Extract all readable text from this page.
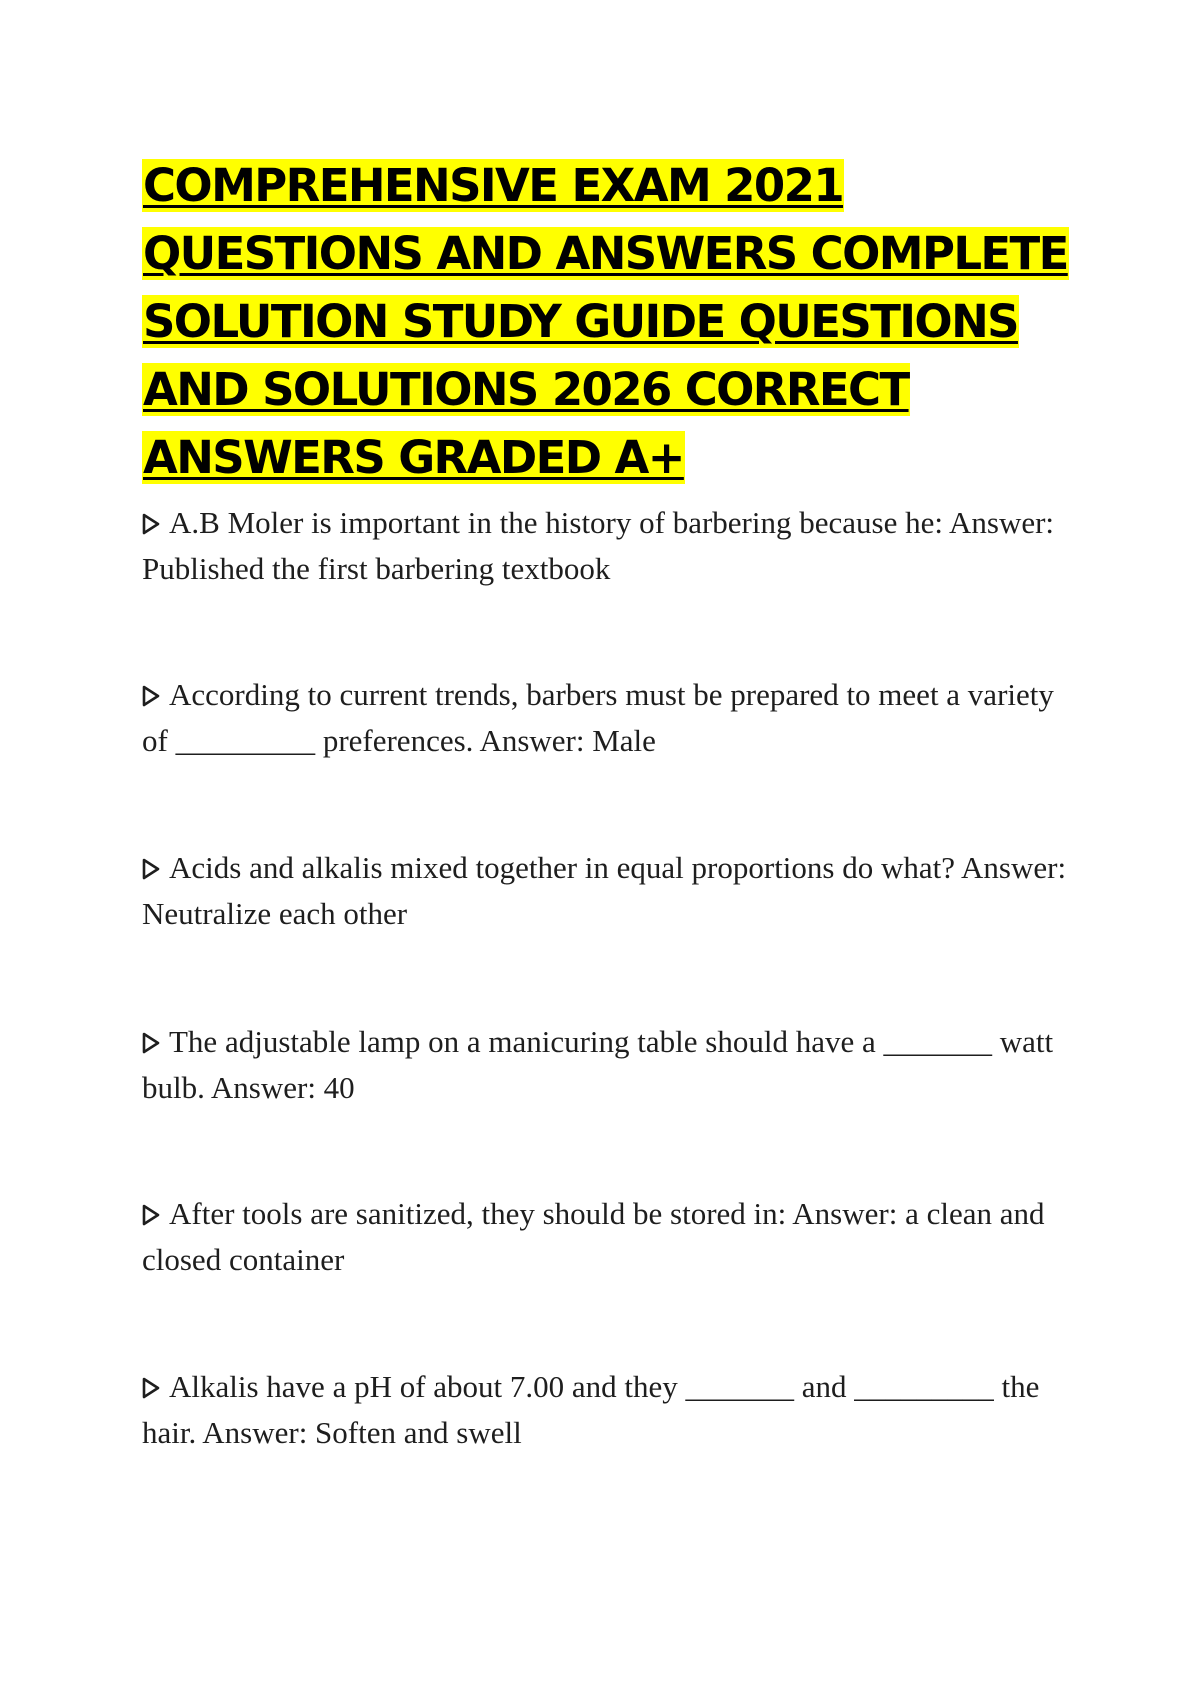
COMPREHENSIVE EXAM 2021 QUESTIONS AND ANSWERS COMPLETE SOLUTION STUDY GUIDE QUESTIONS AND SOLUTIONS 2026 CORRECT ANSWERS GRADED A+

A.B Moler is important in the history of barbering because he: Answer: Published the first barbering textbook

According to current trends, barbers must be prepared to meet a variety of _________ preferences. Answer: Male

Acids and alkalis mixed together in equal proportions do what? Answer: Neutralize each other

The adjustable lamp on a manicuring table should have a _______ watt bulb. Answer: 40

After tools are sanitized, they should be stored in: Answer: a clean and closed container

Alkalis have a pH of about 7.00 and they _______ and _________ the hair. Answer: Soften and swell
